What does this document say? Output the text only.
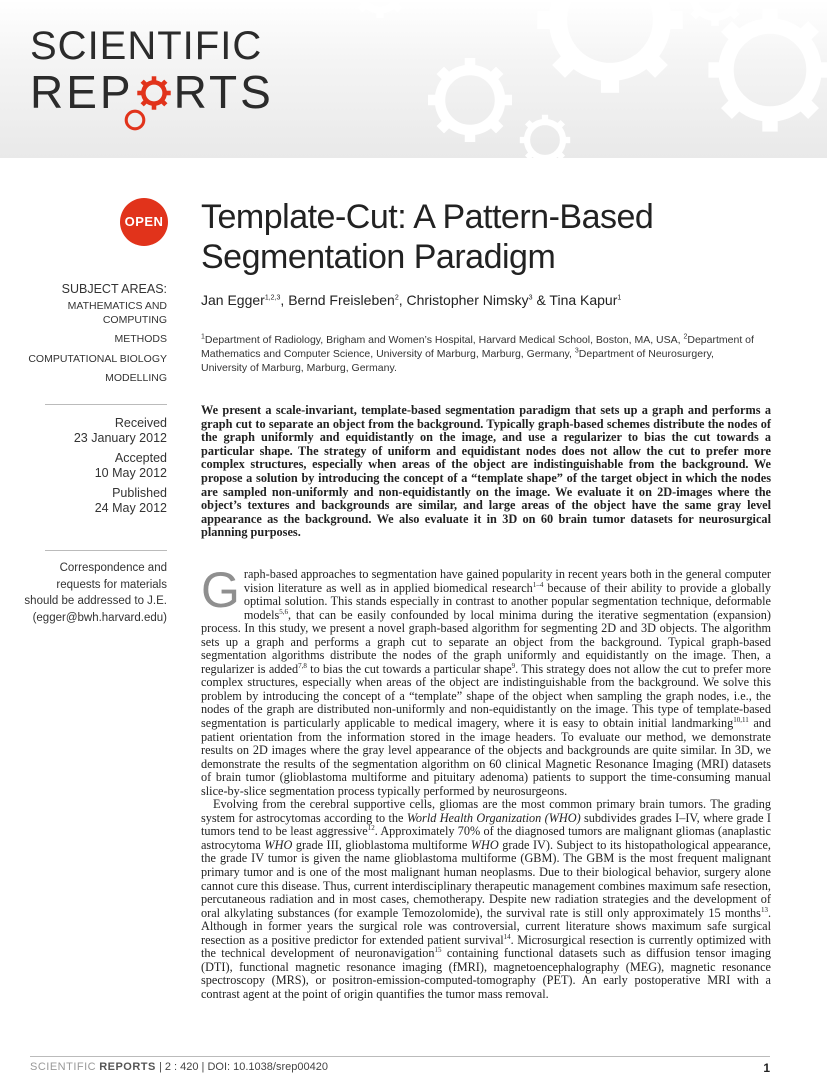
SCIENTIFIC
REP RTS
OPEN Template-Cut: A Pattern-Based Segmentation Paradigm
Jan Egger$^{1,2,3}$, Bernd Freisleben$^2$, Christopher Nimsky$^3$ & Tina Kapur$^1$
$^1$Department of Radiology, Brigham and Women’s Hospital, Harvard Medical School, Boston, MA, USA, $^2$Department of Mathematics and Computer Science, University of Marburg, Marburg, Germany, $^3$Department of Neurosurgery, University of Marburg, Marburg, Germany.
SUBJECT AREAS:
MATHEMATICS AND COMPUTING
METHODS
COMPUTATIONAL BIOLOGY
MODELLING
Received
23 January 2012
Accepted
10 May 2012
Published
24 May 2012
Correspondence and requests for materials should be addressed to J.E. (egger@bwh.harvard.edu)
We present a scale-invariant, template-based segmentation paradigm that sets up a graph and performs a graph cut to separate an object from the background. Typically graph-based schemes distribute the nodes of the graph uniformly and equidistantly on the image, and use a regularizer to bias the cut towards a particular shape. The strategy of uniform and equidistant nodes does not allow the cut to prefer more complex structures, especially when areas of the object are indistinguishable from the background. We propose a solution by introducing the concept of a “template shape” of the target object in which the nodes are sampled non-uniformly and non-equidistantly on the image. We evaluate it on 2D-images where the object’s textures and backgrounds are similar, and large areas of the object have the same gray level appearance as the background. We also evaluate it in 3D on 60 brain tumor datasets for neurosurgical planning purposes.

Graph-based approaches to segmentation have gained popularity in recent years both in the general computer vision literature as well as in applied biomedical research$^{1-4}$ because of their ability to provide a globally optimal solution. This stands especially in contrast to another popular segmentation technique, deformable models$^{5,6}$, that can be easily confounded by local minima during the iterative segmentation (expansion) process. In this study, we present a novel graph-based algorithm for segmenting 2D and 3D objects. The algorithm sets up a graph and performs a graph cut to separate an object from the background. Typical graph-based segmentation algorithms distribute the nodes of the graph uniformly and equidistantly on the image. Then, a regularizer is added$^{7,8}$ to bias the cut towards a particular shape$^9$. This strategy does not allow the cut to prefer more complex structures, especially when areas of the object are indistinguishable from the background. We solve this problem by introducing the concept of a “template” shape of the object when sampling the graph nodes, i.e., the nodes of the graph are distributed non-uniformly and non-equidistantly on the image. This type of template-based segmentation is particularly applicable to medical imagery, where it is easy to obtain initial landmarking$^{10,11}$ and patient orientation from the information stored in the image headers. To evaluate our method, we demonstrate results on 2D images where the gray level appearance of the objects and backgrounds are quite similar. In 3D, we demonstrate the results of the segmentation algorithm on 60 clinical Magnetic Resonance Imaging (MRI) datasets of brain tumor (glioblastoma multiforme and pituitary adenoma) patients to support the time-consuming manual slice-by-slice segmentation process typically performed by neurosurgeons.

Evolving from the cerebral supportive cells, gliomas are the most common primary brain tumors. The grading system for astrocytomas according to the World Health Organization (WHO) subdivides grades I–IV, where grade I tumors tend to be least aggressive$^{12}$. Approximately 70% of the diagnosed tumors are malignant gliomas (anaplastic astrocytoma WHO grade III, glioblastoma multiforme WHO grade IV). Subject to its histopathological appearance, the grade IV tumor is given the name glioblastoma multiforme (GBM). The GBM is the most frequent malignant primary tumor and is one of the most malignant human neoplasms. Due to their biological behavior, surgery alone cannot cure this disease. Thus, current interdisciplinary therapeutic management combines maximum safe resection, percutaneous radiation and in most cases, chemotherapy. Despite new radiation strategies and the development of oral alkylating substances (for example Temozolomide), the survival rate is still only approximately 15 months$^{13}$. Although in former years the surgical role was controversial, current literature shows maximum safe surgical resection as a positive predictor for extended patient survival$^{14}$. Microsurgical resection is currently optimized with the technical development of neuronavigation$^{15}$ containing functional datasets such as diffusion tensor imaging (DTI), functional magnetic resonance imaging (fMRI), magnetoencephalography (MEG), magnetic resonance spectroscopy (MRS), or positron-emission-computed-tomography (PET). An early postoperative MRI with a contrast agent at the point of origin quantifies the tumor mass removal.

SCIENTIFIC REPORTS | 2 : 420 | DOI: 10.1038/srep00420	1
